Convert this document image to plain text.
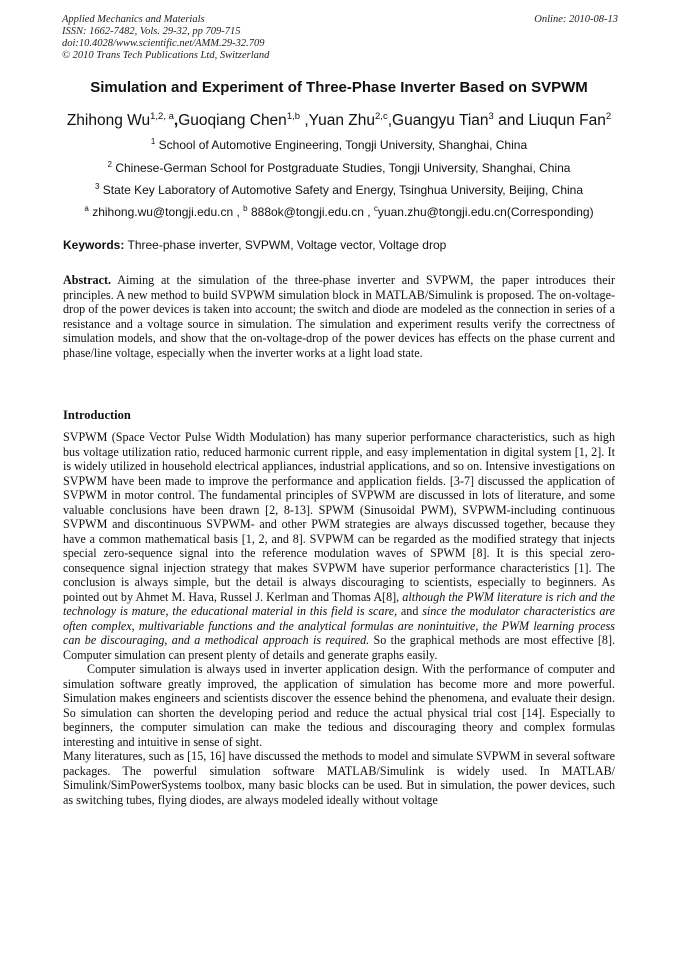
Applied Mechanics and Materials
ISSN: 1662-7482, Vols. 29-32, pp 709-715
doi:10.4028/www.scientific.net/AMM.29-32.709
© 2010 Trans Tech Publications Ltd, Switzerland
Online: 2010-08-13
Simulation and Experiment of Three-Phase Inverter Based on SVPWM
Zhihong Wu$^{1,2, a}$,Guoqiang Chen$^{1,b}$ ,Yuan Zhu$^{2,c}$,Guangyu Tian$^3$ and Liuqun Fan$^2$
$^1$ School of Automotive Engineering, Tongji University, Shanghai, China
$^2$ Chinese-German School for Postgraduate Studies, Tongji University, Shanghai, China
$^3$ State Key Laboratory of Automotive Safety and Energy, Tsinghua University, Beijing, China
$^a$ zhihong.wu@tongji.edu.cn , $^b$ 888ok@tongji.edu.cn , $^c$yuan.zhu@tongji.edu.cn(Corresponding)
Keywords: Three-phase inverter, SVPWM, Voltage vector, Voltage drop
Abstract. Aiming at the simulation of the three-phase inverter and SVPWM, the paper introduces their principles. A new method to build SVPWM simulation block in MATLAB/Simulink is proposed. The on-voltage-drop of the power devices is taken into account; the switch and diode are modeled as the connection in series of a resistance and a voltage source in simulation. The simulation and experiment results verify the correctness of simulation models, and show that the on-voltage-drop of the power devices has effects on the phase current and phase/line voltage, especially when the inverter works at a light load state.
Introduction

SVPWM (Space Vector Pulse Width Modulation) has many superior performance characteristics, such as high bus voltage utilization ratio, reduced harmonic current ripple, and easy implementation in digital system [1, 2]. It is widely utilized in household electrical appliances, industrial applications, and so on. Intensive investigations on SVPWM have been made to improve the performance and application fields. [3-7] discussed the application of SVPWM in motor control. The fundamental principles of SVPWM are discussed in lots of literature, and some valuable conclusions have been drawn [2, 8-13]. SPWM (Sinusoidal PWM), SVPWM-including continuous SVPWM and discontinuous SVPWM- and other PWM strategies are always discussed together, because they have a common mathematical basis [1, 2, and 8]. SVPWM can be regarded as the modified strategy that injects special zero-sequence signal into the reference modulation waves of SPWM [8]. It is this special zero-consequence signal injection strategy that makes SVPWM have superior performance characteristics [1]. The conclusion is always simple, but the detail is always discouraging to scientists, especially to beginners. As pointed out by Ahmet M. Hava, Russel J. Kerlman and Thomas A[8], although the PWM literature is rich and the technology is mature, the educational material in this field is scare, and since the modulator characteristics are often complex, multivariable functions and the analytical formulas are nonintuitive, the PWM learning process can be discouraging, and a methodical approach is required. So the graphical methods are most effective [8]. Computer simulation can present plenty of details and generate graphs easily.

Computer simulation is always used in inverter application design. With the performance of computer and simulation software greatly improved, the application of simulation has become more and more powerful. Simulation makes engineers and scientists discover the essence behind the phenomena, and evaluate their design. So simulation can shorten the developing period and reduce the actual physical trial cost [14]. Especially to beginners, the computer simulation can make the tedious and discouraging theory and complex formulas interesting and intuitive in sense of sight.

Many literatures, such as [15, 16] have discussed the methods to model and simulate SVPWM in several software packages. The powerful simulation software MATLAB/Simulink is widely used. In MATLAB/ Simulink/SimPowerSystems toolbox, many basic blocks can be used. But in simulation, the power devices, such as switching tubes, flying diodes, are always modeled ideally without voltage
